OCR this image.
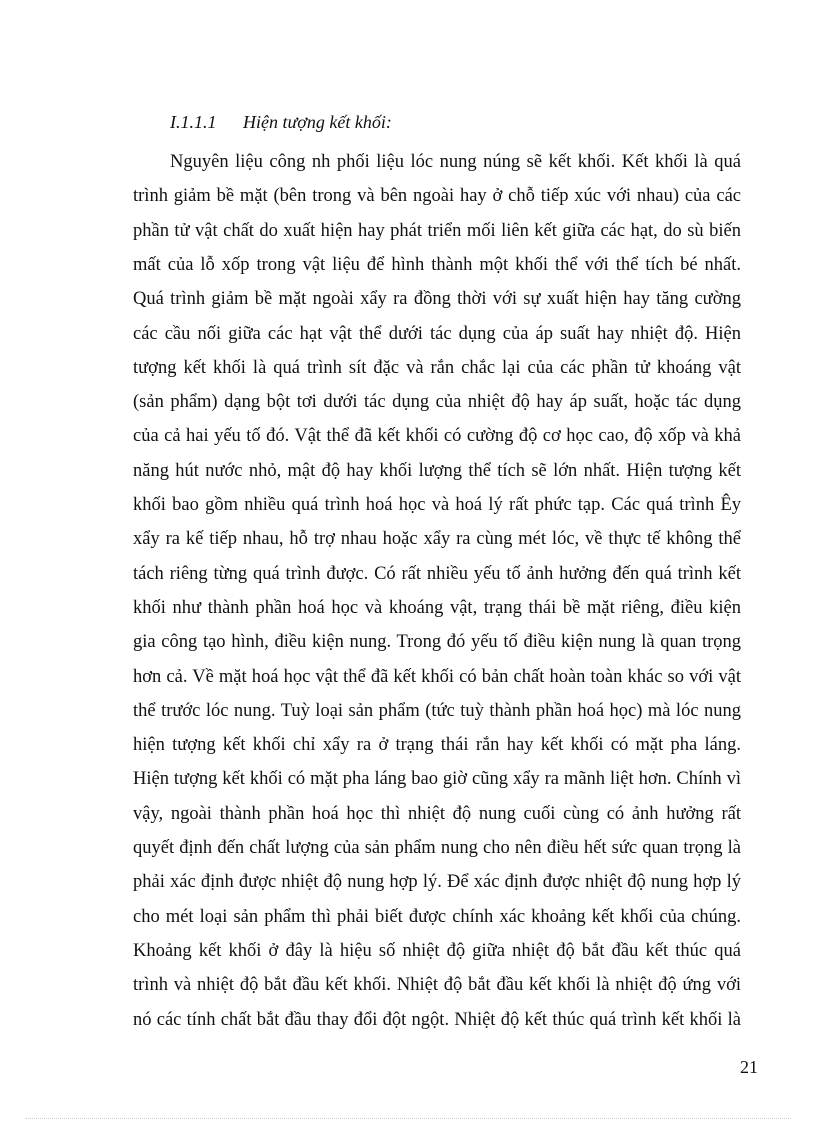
I.1.1.1 Hiện tượng kết khối:
Nguyên liệu công nh phối liệu lóc nung núng sẽ kết khối. Kết khối là quá
trình giảm bề mặt (bên trong và bên ngoài hay ở chỗ tiếp xúc với nhau) của các
phần tử vật chất do xuất hiện hay phát triển mối liên kết giữa các hạt, do sù biến
mất của lỗ xốp trong vật liệu để hình thành một khối thể với thể tích bé nhất.
Quá trình giảm bề mặt ngoài xẩy ra đồng thời với sự xuất hiện hay tăng cường
các cầu nối giữa các hạt vật thể dưới tác dụng của áp suất hay nhiệt độ. Hiện
tượng kết khối là quá trình sít đặc và rắn chắc lại của các phần tử khoáng vật
(sản phẩm) dạng bột tơi dưới tác dụng của nhiệt độ hay áp suất, hoặc tác dụng
của cả hai yếu tố đó. Vật thể đã kết khối có cường độ cơ học cao, độ xốp và khả
năng hút nước nhỏ, mật độ hay khối lượng thể tích sẽ lớn nhất. Hiện tượng kết
khối bao gồm nhiều quá trình hoá học và hoá lý rất phức tạp. Các quá trình Êy
xẩy ra kế tiếp nhau, hỗ trợ nhau hoặc xẩy ra cùng mét lóc, về thực tế không thể
tách riêng từng quá trình được. Có rất nhiều yếu tố ảnh hưởng đến quá trình kết
khối như thành phần hoá học và khoáng vật, trạng thái bề mặt riêng, điều kiện
gia công tạo hình, điều kiện nung. Trong đó yếu tố điều kiện nung là quan trọng
hơn cả. Về mặt hoá học vật thể đã kết khối có bản chất hoàn toàn khác so với vật
thể trước lóc nung. Tuỳ loại sản phẩm (tức tuỳ thành phần hoá học) mà lóc nung
hiện tượng kết khối chỉ xẩy ra ở trạng thái rắn hay kết khối có mặt pha láng.
Hiện tượng kết khối có mặt pha láng bao giờ cũng xẩy ra mãnh liệt hơn. Chính vì
vậy, ngoài thành phần hoá học thì nhiệt độ nung cuối cùng có ảnh hưởng rất
quyết định đến chất lượng của sản phẩm nung cho nên điều hết sức quan trọng là
phải xác định được nhiệt độ nung hợp lý. Để xác định được nhiệt độ nung hợp lý
cho mét loại sản phẩm thì phải biết được chính xác khoảng kết khối của chúng.
Khoảng kết khối ở đây là hiệu số nhiệt độ giữa nhiệt độ bắt đầu kết thúc quá
trình và nhiệt độ bắt đầu kết khối. Nhiệt độ bắt đầu kết khối là nhiệt độ ứng với
nó các tính chất bắt đầu thay đổi đột ngột. Nhiệt độ kết thúc quá trình kết khối là
21
